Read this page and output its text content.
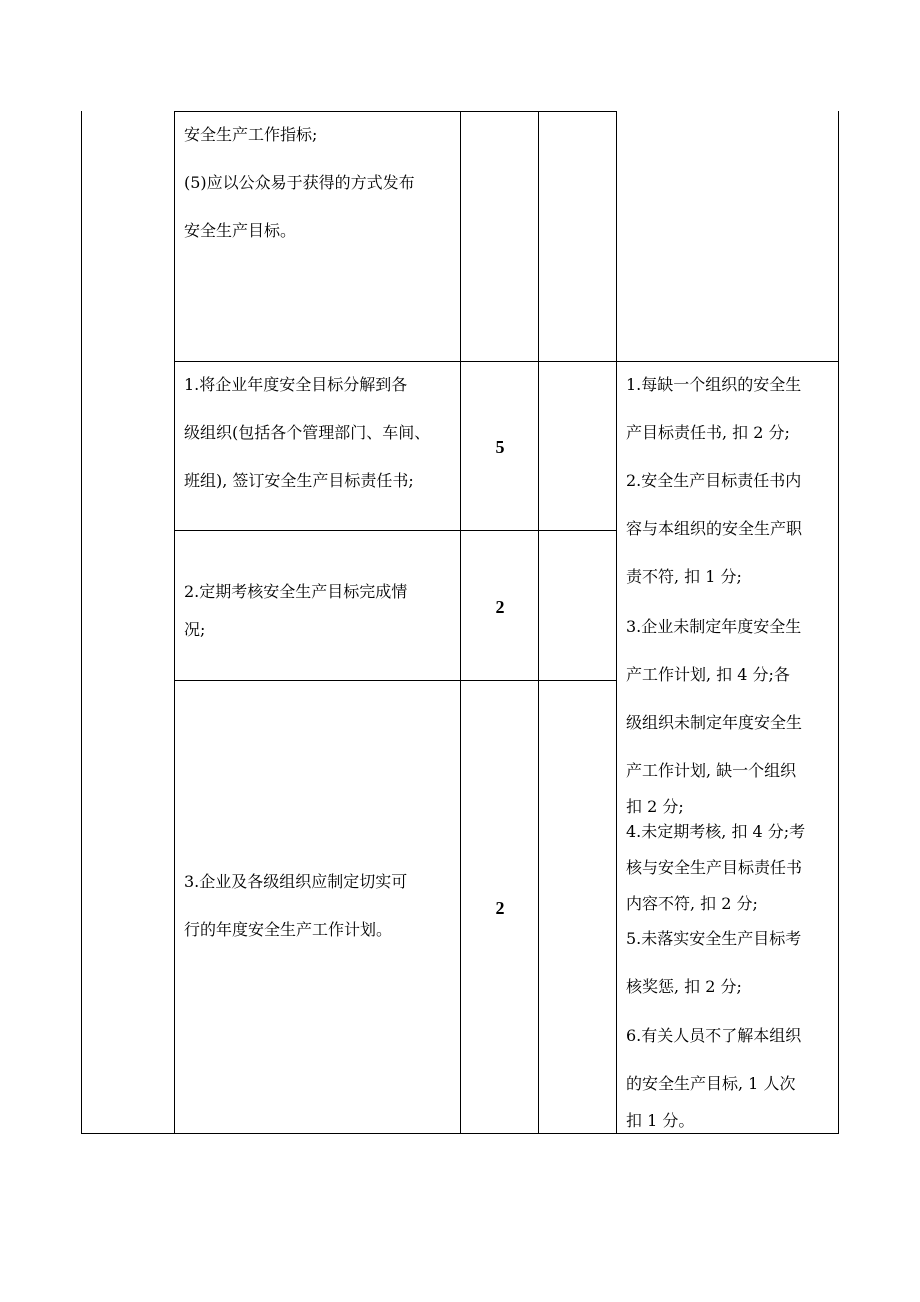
安全生产工作指标;
(5)应以公众易于获得的方式发布
安全生产目标。
1.将企业年度安全目标分解到各
级组织(包括各个管理部门、车间、
班组), 签订安全生产目标责任书;
5
2.定期考核安全生产目标完成情
况;
2
3.企业及各级组织应制定切实可
行的年度安全生产工作计划。
2
1.每缺一个组织的安全生
产目标责任书, 扣 2 分;
2.安全生产目标责任书内
容与本组织的安全生产职
责不符, 扣 1 分;
3.企业未制定年度安全生
产工作计划, 扣 4 分;各
级组织未制定年度安全生
产工作计划, 缺一个组织
扣 2 分;
4.未定期考核, 扣 4 分;考
核与安全生产目标责任书
内容不符, 扣 2 分;
5.未落实安全生产目标考
核奖惩, 扣 2 分;
6.有关人员不了解本组织
的安全生产目标, 1 人次
扣 1 分。
